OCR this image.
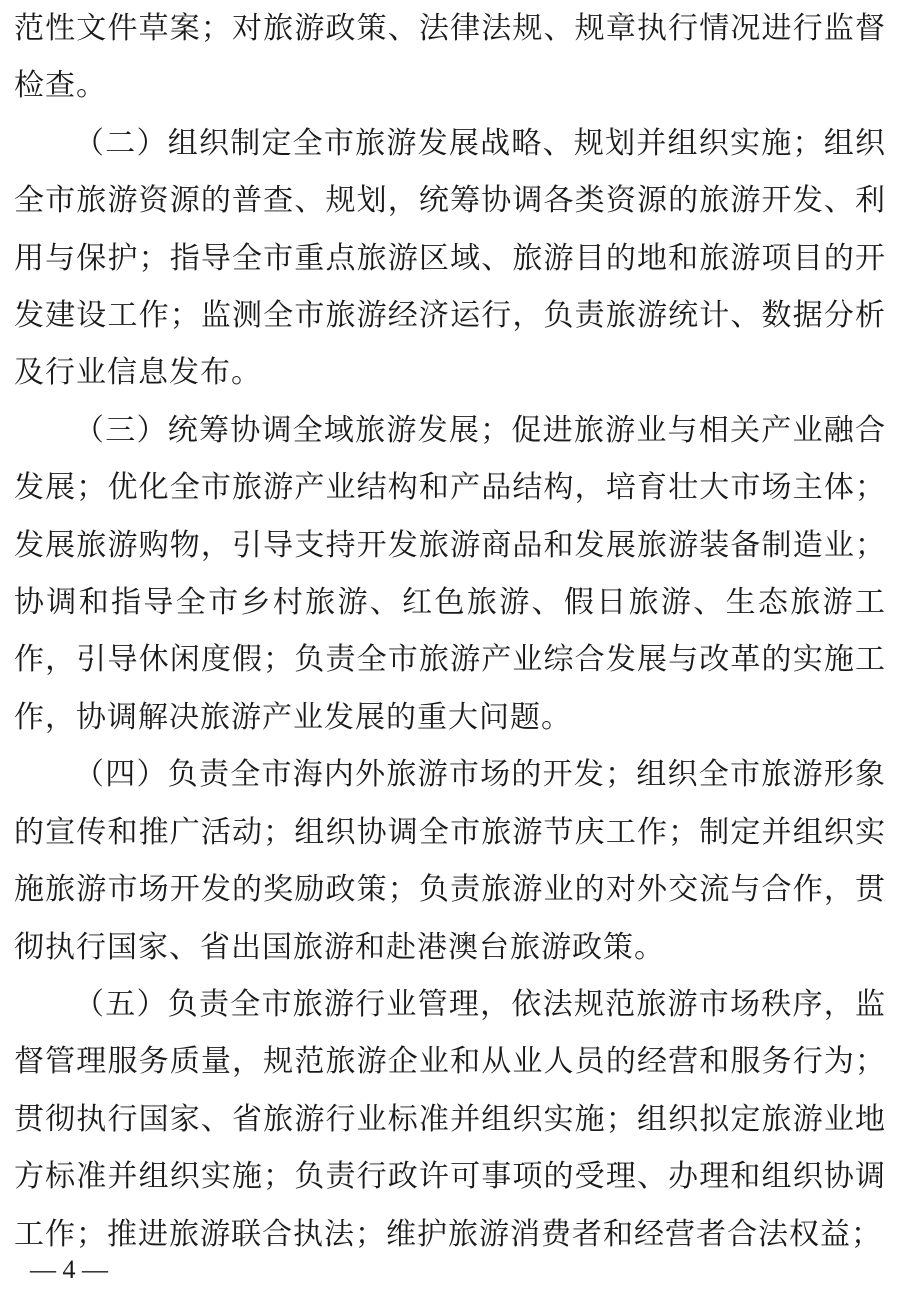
范性文件草案；对旅游政策、法律法规、规章执行情况进行监督检查。

（二）组织制定全市旅游发展战略、规划并组织实施；组织全市旅游资源的普查、规划，统筹协调各类资源的旅游开发、利用与保护；指导全市重点旅游区域、旅游目的地和旅游项目的开发建设工作；监测全市旅游经济运行，负责旅游统计、数据分析及行业信息发布。

（三）统筹协调全域旅游发展；促进旅游业与相关产业融合发展；优化全市旅游产业结构和产品结构，培育壮大市场主体；发展旅游购物，引导支持开发旅游商品和发展旅游装备制造业；协调和指导全市乡村旅游、红色旅游、假日旅游、生态旅游工作，引导休闲度假；负责全市旅游产业综合发展与改革的实施工作，协调解决旅游产业发展的重大问题。

（四）负责全市海内外旅游市场的开发；组织全市旅游形象的宣传和推广活动；组织协调全市旅游节庆工作；制定并组织实施旅游市场开发的奖励政策；负责旅游业的对外交流与合作，贯彻执行国家、省出国旅游和赴港澳台旅游政策。

（五）负责全市旅游行业管理，依法规范旅游市场秩序，监督管理服务质量，规范旅游企业和从业人员的经营和服务行为；贯彻执行国家、省旅游行业标准并组织实施；组织拟定旅游业地方标准并组织实施；负责行政许可事项的受理、办理和组织协调工作；推进旅游联合执法；维护旅游消费者和经营者合法权益；

— 4 —
